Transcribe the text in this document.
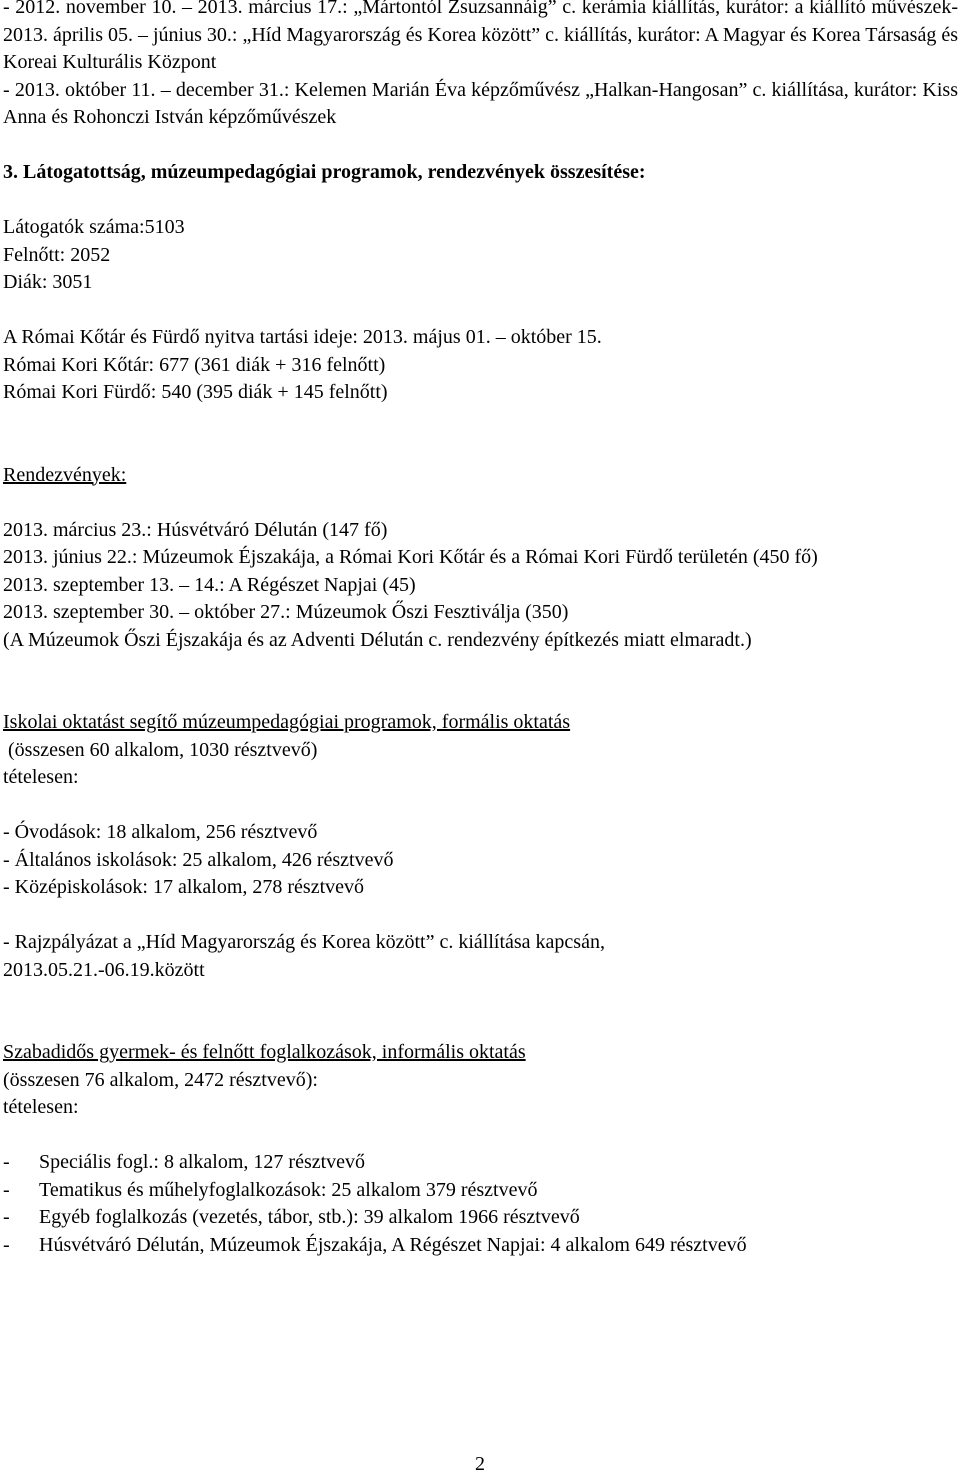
- 2012. november 10. – 2013. március 17.: „Mártontól Zsuzsannáig” c. kerámia kiállítás, kurátor: a kiállító művészek- 2013. április 05. – június 30.: „Híd Magyarország és Korea között” c. kiállítás, kurátor: A Magyar és Korea Társaság és Koreai Kulturális Központ

- 2013. október 11. – december 31.: Kelemen Marián Éva képzőművész „Halkan-Hangosan” c. kiállítása, kurátor: Kiss Anna és Rohonczi István képzőművészek

3. Látogatottság, múzeumpedagógiai programok, rendezvények összesítése:

Látogatók száma:5103

Felnőtt: 2052

Diák: 3051

A Római Kőtár és Fürdő nyitva tartási ideje: 2013. május 01. – október 15.

Római Kori Kőtár: 677 (361 diák + 316 felnőtt)

Római Kori Fürdő: 540 (395 diák + 145 felnőtt)

Rendezvények:

2013. március 23.: Húsvétváró Délután (147 fő)

2013. június 22.: Múzeumok Éjszakája, a Római Kori Kőtár és a Római Kori Fürdő területén (450 fő)

2013. szeptember 13. – 14.: A Régészet Napjai (45)

2013. szeptember 30. – október 27.: Múzeumok Őszi Fesztiválja (350)

(A Múzeumok Őszi Éjszakája és az Adventi Délután c. rendezvény építkezés miatt elmaradt.)

Iskolai oktatást segítő múzeumpedagógiai programok, formális oktatás

(összesen 60 alkalom, 1030 résztvevő)

tételesen:

- Óvodások: 18 alkalom, 256 résztvevő

- Általános iskolások: 25 alkalom, 426 résztvevő

- Középiskolások: 17 alkalom, 278 résztvevő

- Rajzpályázat a „Híd Magyarország és Korea között” c. kiállítása kapcsán, 2013.05.21.-06.19.között

Szabadidős gyermek- és felnőtt foglalkozások, informális oktatás

(összesen 76 alkalom, 2472 résztvevő):

tételesen:

-	Speciális fogl.: 8 alkalom, 127 résztvevő
-	Tematikus és műhelyfoglalkozások: 25 alkalom 379 résztvevő
-	Egyéb foglalkozás (vezetés, tábor, stb.): 39 alkalom 1966 résztvevő
-	Húsvétváró Délután, Múzeumok Éjszakája, A Régészet Napjai: 4 alkalom 649 résztvevő
2
